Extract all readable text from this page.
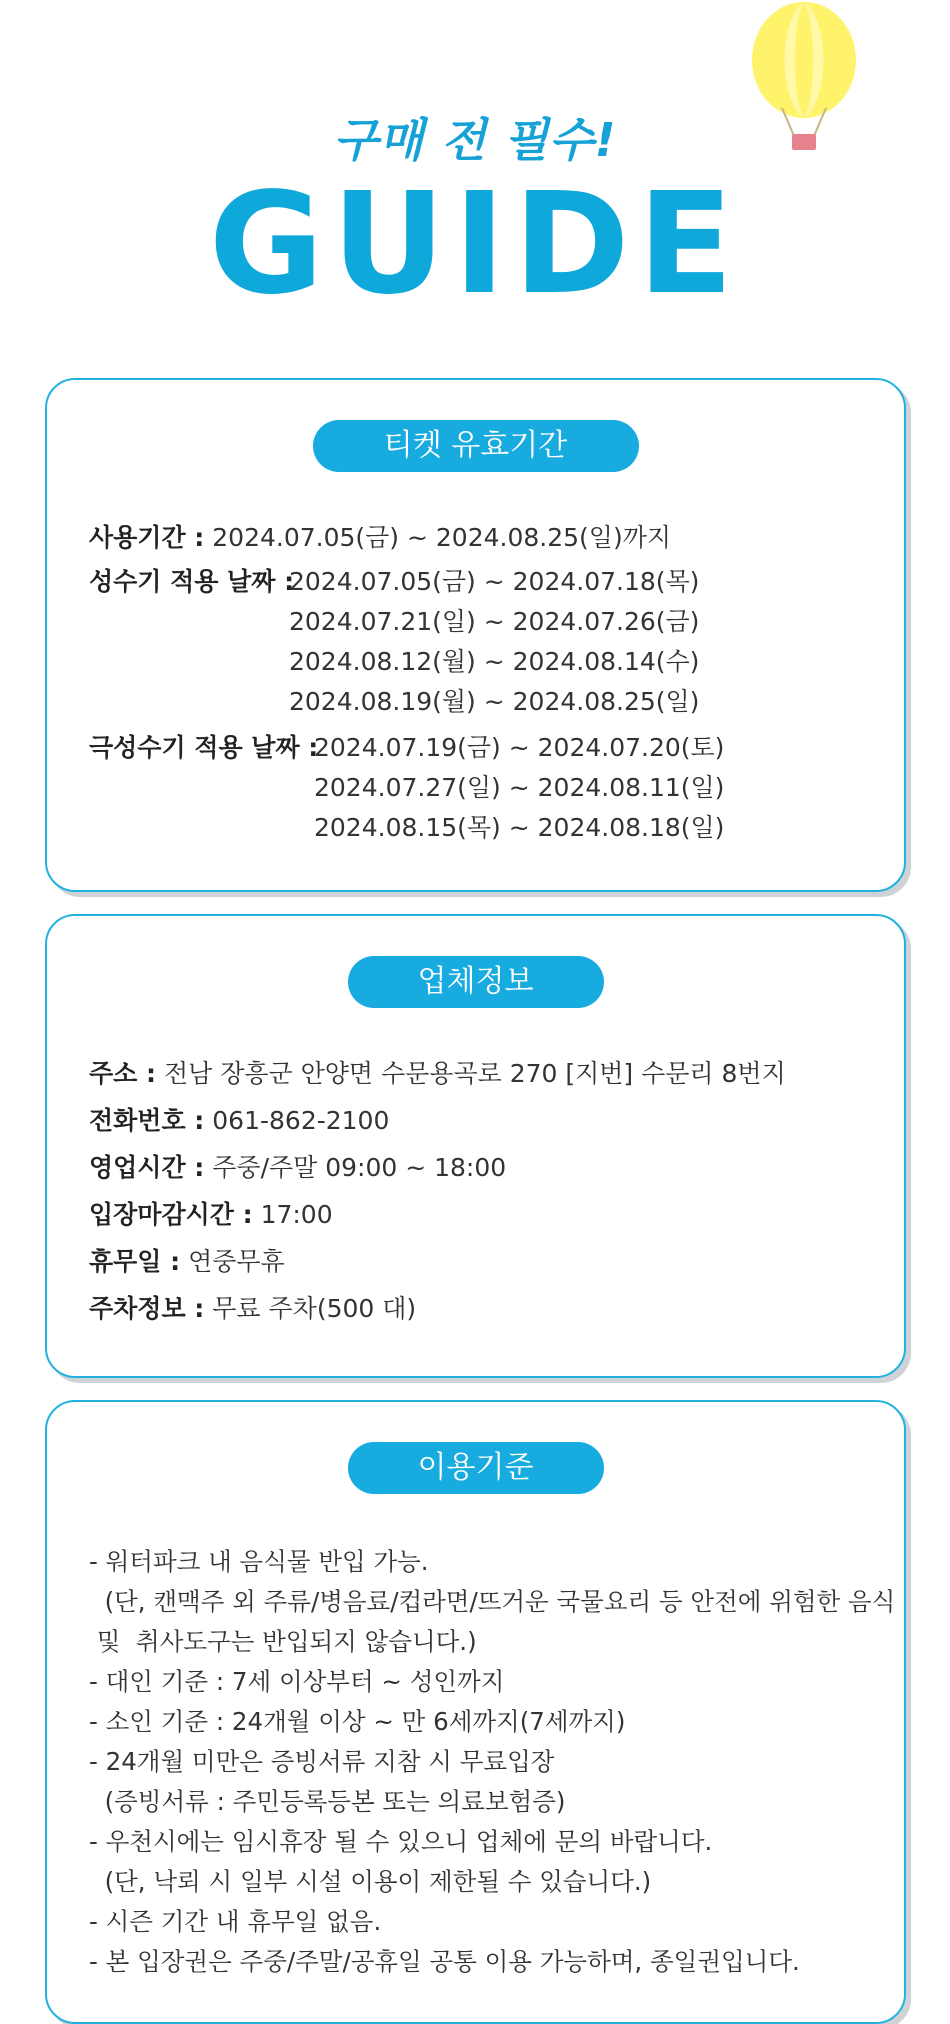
구매 전 필수!
GUIDE
티켓 유효기간
사용기간 : 2024.07.05(금) ~ 2024.08.25(일)까지
성수기 적용 날짜 :
2024.07.05(금) ~ 2024.07.18(목)
2024.07.21(일) ~ 2024.07.26(금)
2024.08.12(월) ~ 2024.08.14(수)
2024.08.19(월) ~ 2024.08.25(일)
극성수기 적용 날짜 :
2024.07.19(금) ~ 2024.07.20(토)
2024.07.27(일) ~ 2024.08.11(일)
2024.08.15(목) ~ 2024.08.18(일)
업체정보
주소 : 전남 장흥군 안양면 수문용곡로 270 [지번] 수문리 8번지
전화번호 : 061-862-2100
영업시간 : 주중/주말 09:00 ~ 18:00
입장마감시간 : 17:00
휴무일 : 연중무휴
주차정보 : 무료 주차(500 대)
이용기준
- 워터파크 내 음식물 반입 가능.
(단, 캔맥주 외 주류/병음료/컵라면/뜨거운 국물요리 등 안전에 위험한 음식
및  취사도구는 반입되지 않습니다.)
- 대인 기준 : 7세 이상부터 ~ 성인까지
- 소인 기준 : 24개월 이상 ~ 만 6세까지(7세까지)
- 24개월 미만은 증빙서류 지참 시 무료입장
(증빙서류 : 주민등록등본 또는 의료보험증)
- 우천시에는 임시휴장 될 수 있으니 업체에 문의 바랍니다.
(단, 낙뢰 시 일부 시설 이용이 제한될 수 있습니다.)
- 시즌 기간 내 휴무일 없음.
- 본 입장권은 주중/주말/공휴일 공통 이용 가능하며, 종일권입니다.
